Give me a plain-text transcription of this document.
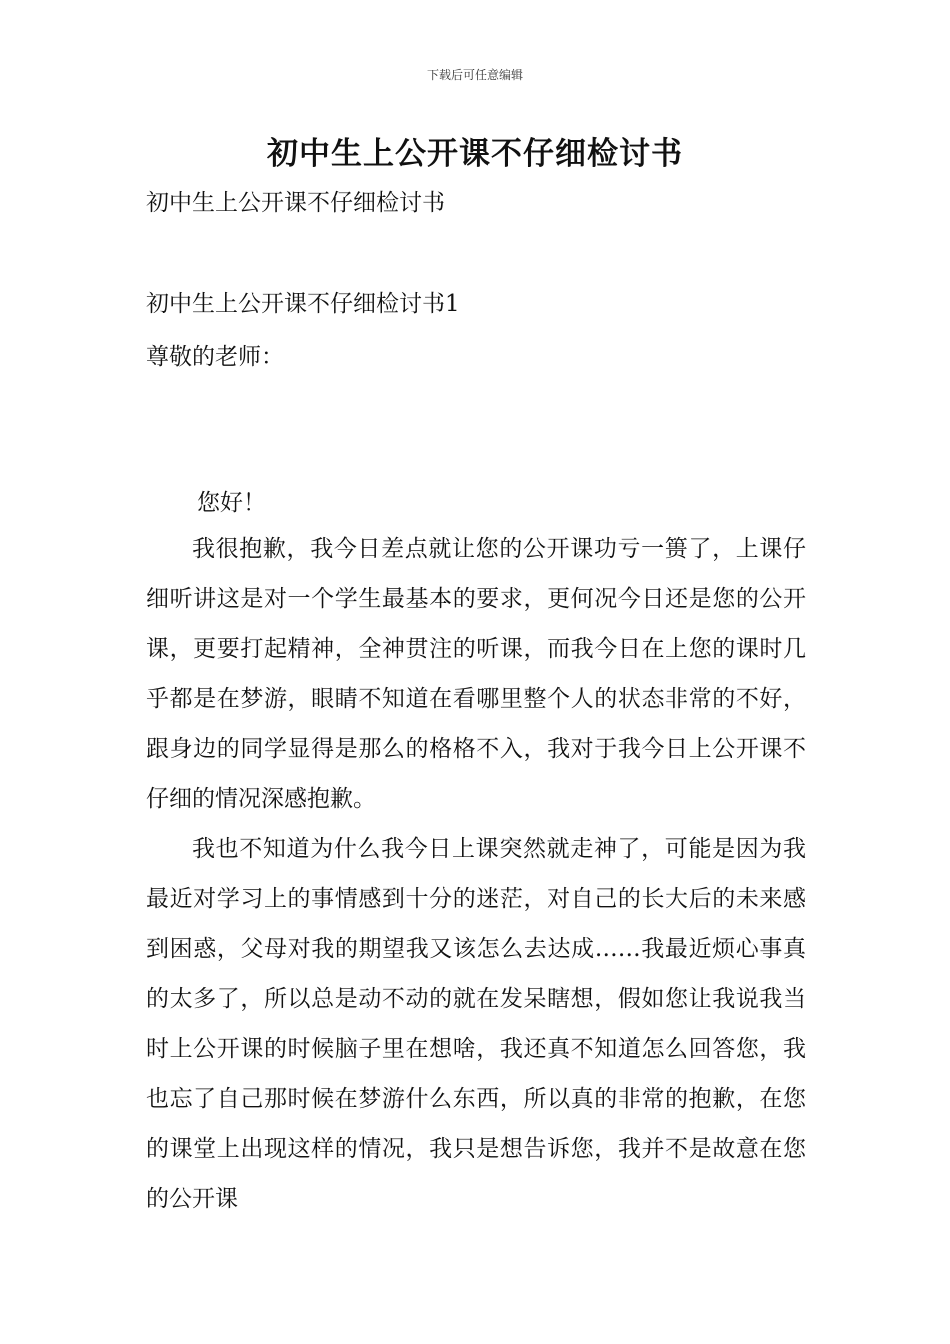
下载后可任意编辑
初中生上公开课不仔细检讨书
初中生上公开课不仔细检讨书
初中生上公开课不仔细检讨书1
尊敬的老师：
您好！

我很抱歉，我今日差点就让您的公开课功亏一篑了，上课仔细听讲这是对一个学生最基本的要求，更何况今日还是您的公开课，更要打起精神，全神贯注的听课，而我今日在上您的课时几乎都是在梦游，眼睛不知道在看哪里整个人的状态非常的不好，跟身边的同学显得是那么的格格不入，我对于我今日上公开课不仔细的情况深感抱歉。

我也不知道为什么我今日上课突然就走神了，可能是因为我最近对学习上的事情感到十分的迷茫，对自己的长大后的未来感到困惑，父母对我的期望我又该怎么去达成……我最近烦心事真的太多了，所以总是动不动的就在发呆瞎想，假如您让我说我当时上公开课的时候脑子里在想啥，我还真不知道怎么回答您，我也忘了自己那时候在梦游什么东西，所以真的非常的抱歉，在您的课堂上出现这样的情况，我只是想告诉您，我并不是故意在您的公开课
